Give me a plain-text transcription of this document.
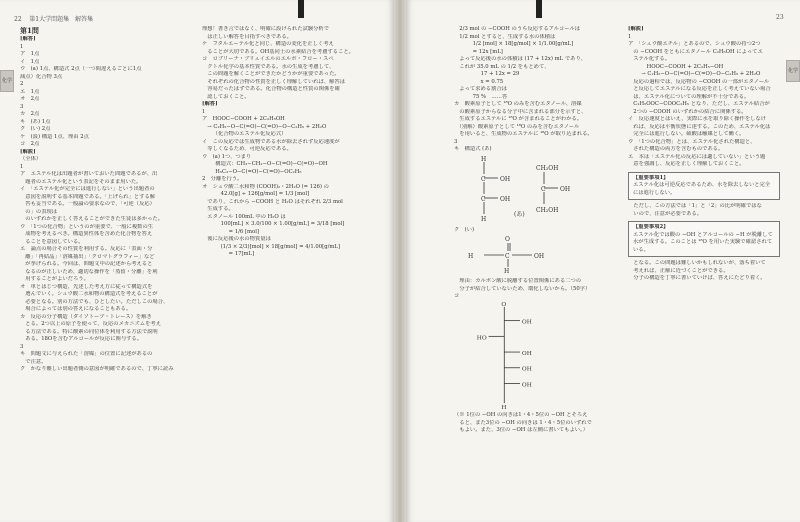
22 第1大学問題集　解答集
化学
第1問
[解答]
1
ア　1点
イ　1点
ウ　(a) 1点、構造式 2点（一つ間違えるごとに1点
減点）化合物 3点
2
エ　1点
オ　2点
3
カ　2点
キ　(あ) 1点
ク　(い) 2点
ケ　(設) 構造 1点、理由 2点
コ　2点
[解説]
（全体）
1
ア　エステル化は出題者が書いておいた問題であるが、出
　題者のエステル化という表記をそのまま用いた。
イ　「エステル化が完全には進行しない」という出題者の
　意図を説明する基本問題である。「上げられ」とする解
　答も妥当である。一般論の要求なので、「可逆（反応）
　の」の表現は
　のいずれかを正しく答えることができた生徒は多かった。
ウ　「1つの化合物」というのが重要で、一般に複数の生
　成物を考えるべき。構造異性体を含めた化合物を答え
　ることを意図している。
エ　論点の場合その性質を利用する。反応に「表面・分
　離」「再結晶」「溶媒抽出」「クロマトグラフィー」など
　が挙げられる。今回は、問題文中の記述から考えると
　なるのが正しいため、適切な操作を「蒸留・分離」を利
　用することがよいだろう。
オ　単とはじつ構造、先述した考え方に従って構造式を
　選んでいく。シュウ酸二水和物の構造式を考えることが
　必要となる。別の方法でも、ひとしたい。ただしこの場合、
　場合によっては別の答えになることもある。
カ　反応の分子構造（ダイソトープ・トレース）を解き
　とる。2つ以上の原子を使って、反応のメカニズムを考え
　る方法である。特に酸素の同位体を利用する方法で説明
　ある。18Oを含むアルコールが反応に関与する。
3
キ　問題文に与えられた「溶媒」の位置に記述があるの
　で注意。
ク　かなり難しい出題者側の意図が明確であるので、丁寧に読み
理想！書き言ではなく、明確に設けられた試験分析で
　は正しい解答を目指すべきである。
ケ　フタルエーテル化と同じ、構造の変化を正しく考え
　ることが大切である。OH基同士の水素結合を考慮すること。
コ　ロブリーナ・ブリュイエルのエルボ・フロー・スペ
　クトル化学の基本性質である。水の生成を考慮して、
　この問題を解くことができたかどうかが重要であった。
　それぞれの化合物の性質を正しく理解していれば、解答は
　容易だったはずである。化合物の構造と性質の関係を確
　認しておくこと。
[解答]
1
ア　HOOC−COOH + 2C₂H₅OH
　→ C₂H₅−O−C(=O)−C(=O)−O−C₂H₅ + 2H₂O
　（化合物のエステル化反応式）
イ　この反応では生成物である水が除去されず反応速度が
　等しくなるため、可逆反応である。
ウ　(a) 1つ、つまり
　構造式：CH₃−CH₂−O−C(=O)−C(=O)−OH
　H₅C₂−O−C(=O)−C(=O)−OC₂H₅
2　分離を行う。
オ　シュウ酸二水和物 (COOH)₂・2H₂O (= 126) の
　　42.0[g] ÷ 126[g/mol] = 1/3 [mol]
　であり、これから −COOH と H₂O はそれぞれ 2/3 mol
　生成する。
　エタノール 100mL 中の H₂O は
　　100[mL] × 3.0/100 × 1.00[g/mL] = 3/18 [mol]
　　= 1/6 [mol]
　後に反応後の水の物質量は
　　(1/3 × 2/3)[mol] × 18[g/mol] = 4/1.00[g/mL]
　　= 17[mL]
23
化学
　2/3 mol の −COOH のうち反応するアルコールは
　1/2 mol とすると、生成する水の体積は
　　1/2 [mol] × 18[g/mol] × 1/1.00[g/mL]
　　= 12x [mL]
　よって反応後の水の体積は (17 + 12x) mL であり、
　これが 35.0 mL の 1/2 をもとめて、
　　17 + 12x = 29
　　x = 0.75
　よって求める割合は
　　75 %　……答
カ　酸素原子として ¹⁸O のみを含むエタノール、溶媒
　の酸素原子からなる分子中に含まれる部分を示すと、
　生成するエステルに ¹⁸O が含まれることがわかる。
　（別解）酸素原子として ¹⁸O のみを含むエタノール
　を用いると、生成物のエステルに ¹⁸O が取り込まれる。
3
キ　構造式 (あ)
H
C OH
C OH
H
CH₂OH
C OH
CH₂OH
(あ)
ク　(い)
H
O
C	OH
H
　理由：カルボン酸に脱離する位置関係にある二つの
　分子が結合していないため、環化しないから。（50字）
コ
O
OH
HO
OH
OH
OH
H
（※ 1位の −OH の向きは1・4・5位の −OH とそろえ
　ると、また3位の −OH の向きは 1・4・5位のいずれで
　もよい。また、3位の −OH は左側に書いてもよい。）
[解説]
1
ア　「シュウ酸エチル」とあるので、シュウ酸の持つ2つ
　の −COOH をともにエタノール C₂H₅OH によってエ
　ステル化する。
　　HOOC−COOH + 2C₂H₅−OH
　→ C₂H₅−O−C(=O)−C(=O)−O−C₂H₅ + 2H₂O
　反応の過程では、反応物の −COOH の一部がエタノール
　と反応してエステルになる反応を正しく考えていない場合
　は、エステル化についての理解が不十分である。
　C₂H₅OOC−COOC₂H₅ となり、ただし、エステル結合が
　2つの −COOH のいずれかの結合に関係する。
イ　反応速度とはいえ、実際に水を取り除く操作をしなけ
　れば、反応は平衡状態に達する。このため、エステル化は
　完全には進行しない。硫酸は触媒として働く。
ウ　「1つの化合物」とは、エステル化された構造と、
　された構造の両方を含むものである。
エ　本は「エステル化の反応には適していない」という題
　意を強調し、反応を正しく理解しておくこと。
【重要事項1】
エステル化は可逆反応であるため、水を除去しないと完全には進行しない。
　ただし、この方法では「1」と「2」の比が明確ではな
　いので、注意が必要である。
【重要事項2】
エステル化では酸の −OH とアルコールの −H が脱離して水が生成する。このことは ¹⁸O を用いた実験で確認されている。
　となる。この問題は難しいかもしれないが、落ち着いて
　考えれば、正解に近づくことができる。
　分子の構造を丁寧に書いていけば、答えにたどり着く。
